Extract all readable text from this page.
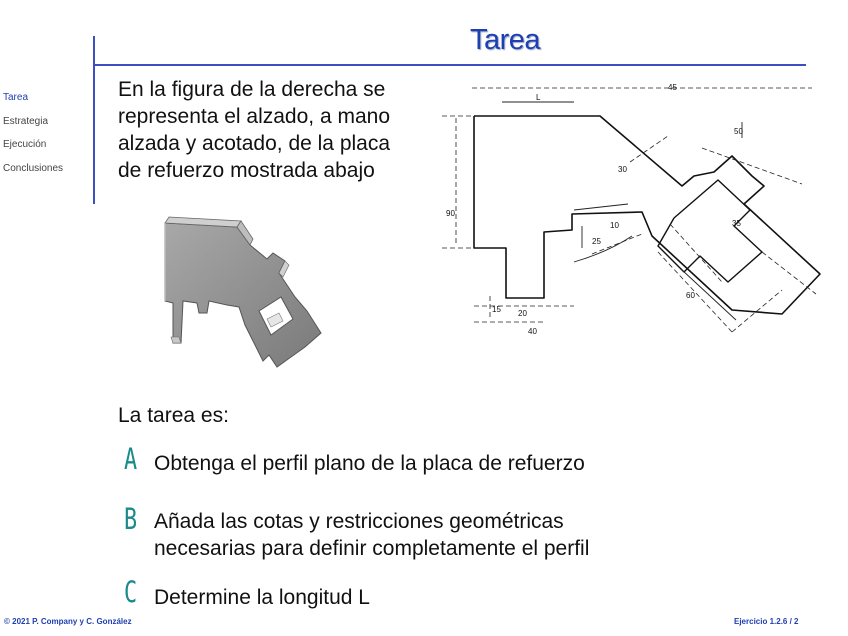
Tarea
Tarea
Estrategia
Ejecución
Conclusiones
En la figura de la derecha se
representa el alzado, a mano
alzada y acotado, de la placa
de refuerzo mostrada abajo
L
45
50
90
15 20
40
30
35
25
60
10
La tarea es:
A Obtenga el perfil plano de la placa de refuerzo
B Añada las cotas y restricciones geométricas
necesarias para definir completamente el perfil
C Determine la longitud L
© 2021 P. Company y C. González	Ejercicio 1.2.6 / 2
